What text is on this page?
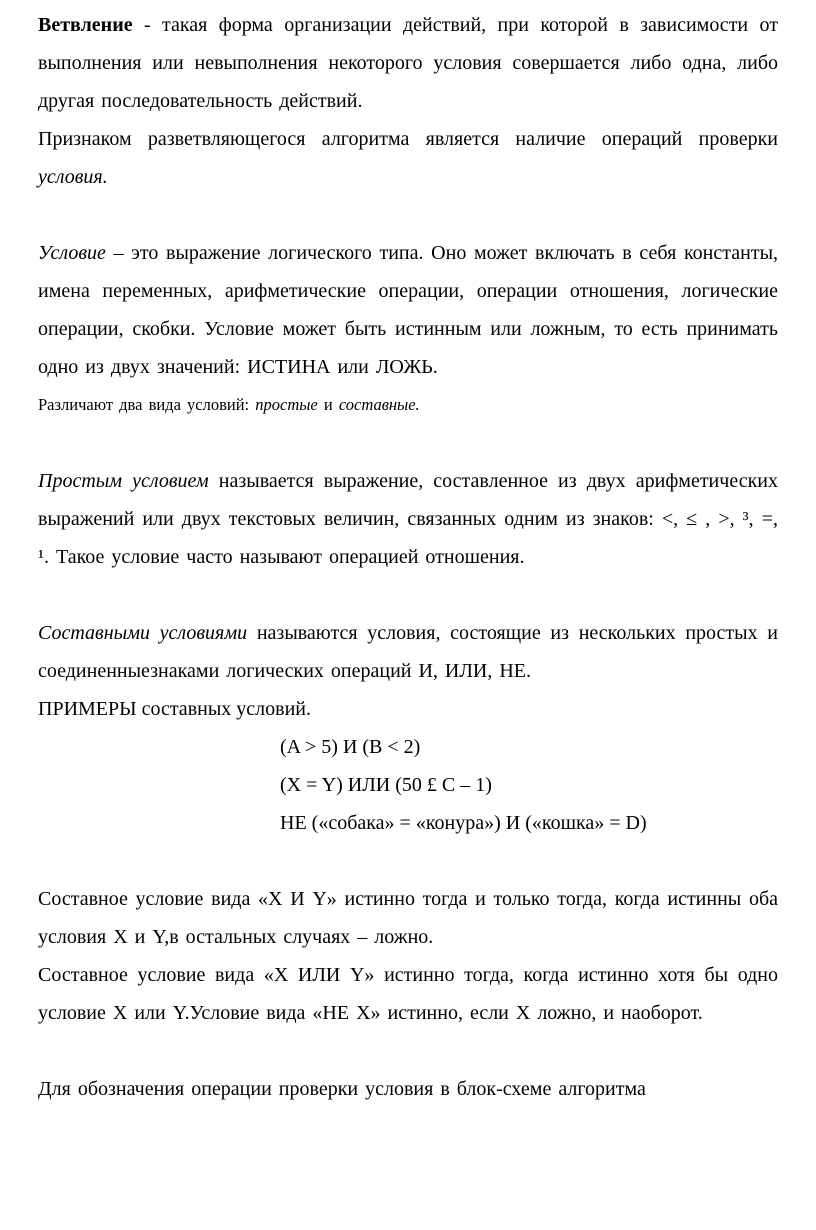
Ветвление - такая форма организации действий, при которой в зависимости от выполнения или невыполнения некоторого условия совершается либо одна, либо другая последовательность действий.

Признаком разветвляющегося алгоритма является наличие операций проверки условия.

Условие – это выражение логического типа. Оно может включать в себя константы, имена переменных, арифметические операции, операции отношения, логические операции, скобки. Условие может быть истинным или ложным, то есть принимать одно из двух значений: ИСТИНА или ЛОЖЬ.

Различают два вида условий: простые и составные.

Простым условием называется выражение, составленное из двух арифметических выражений или двух текстовых величин, связанных одним из знаков: <, ≤ , >, ³, =, ¹. Такое условие часто называют операцией отношения.

Составными условиями называются условия, состоящие из нескольких простых и соединенныезнаками логических операций И, ИЛИ, НЕ.

ПРИМЕРЫ составных условий.

(A > 5) И (B < 2)

(X = Y) ИЛИ (50 £ C – 1)

НЕ («собака» = «конура») И («кошка» = D)

Составное условие вида «Х И Y» истинно тогда и только тогда, когда истинны оба условия Х и Y,в остальных случаях – ложно.

Составное условие вида «Х ИЛИ Y» истинно тогда, когда истинно хотя бы одно условие X или Y.Условие вида «НЕ Х» истинно, если X ложно, и наоборот.

Для обозначения операции проверки условия в блок-схеме алгоритма
